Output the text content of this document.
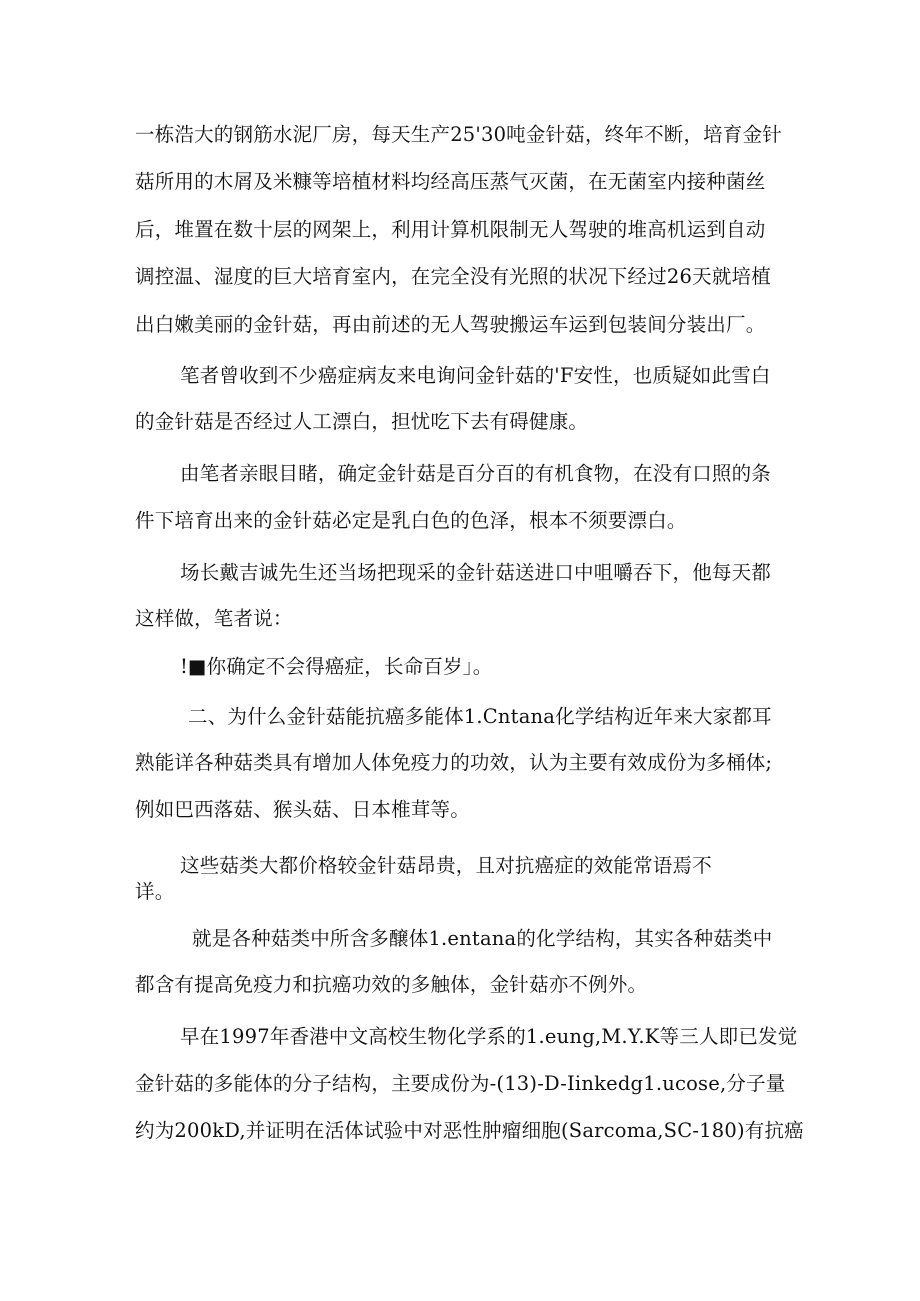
一栋浩大的钢筋水泥厂房，每天生产25'30吨金针菇，终年不断，培育金针
菇所用的木屑及米糠等培植材料均经高压蒸气灭菌，在无菌室内接种菌丝
后，堆置在数十层的网架上，利用计算机限制无人驾驶的堆高机运到自动
调控温、湿度的巨大培育室内，在完全没有光照的状况下经过26天就培植
出白嫩美丽的金针菇，再由前述的无人驾驶搬运车运到包装间分装出厂。
笔者曾收到不少癌症病友来电询问金针菇的'F安性，也质疑如此雪白
的金针菇是否经过人工漂白，担忧吃下去有碍健康。
由笔者亲眼目睹，确定金针菇是百分百的有机食物，在没有口照的条
件下培育出来的金针菇必定是乳白色的色泽，根本不须要漂白。
场长戴吉诚先生还当场把现采的金针菇送进口中咀嚼吞下，他每天都
这样做，笔者说：
!■你确定不会得癌症，长命百岁」。
二、为什么金针菇能抗癌多能体1.Cntana化学结构近年来大家都耳
熟能详各种菇类具有增加人体免疫力的功效，认为主要有效成份为多桶体;
例如巴西落菇、猴头菇、日本椎茸等。
这些菇类大都价格较金针菇昂贵，且对抗癌症的效能常语焉不
详。
就是各种菇类中所含多醸体1.entana的化学结构，其实各种菇类中
都含有提高免疫力和抗癌功效的多触体，金针菇亦不例外。
早在1997年香港中文高校生物化学系的1.eung,M.Y.K等三人即已发觉
金针菇的多能体的分子结构，主要成份为-(13)-D-Iinkedg1.ucose,分子量
约为200kD,并证明在活体试验中对恶性肿瘤细胞(Sarcoma,SC-180)有抗癌
